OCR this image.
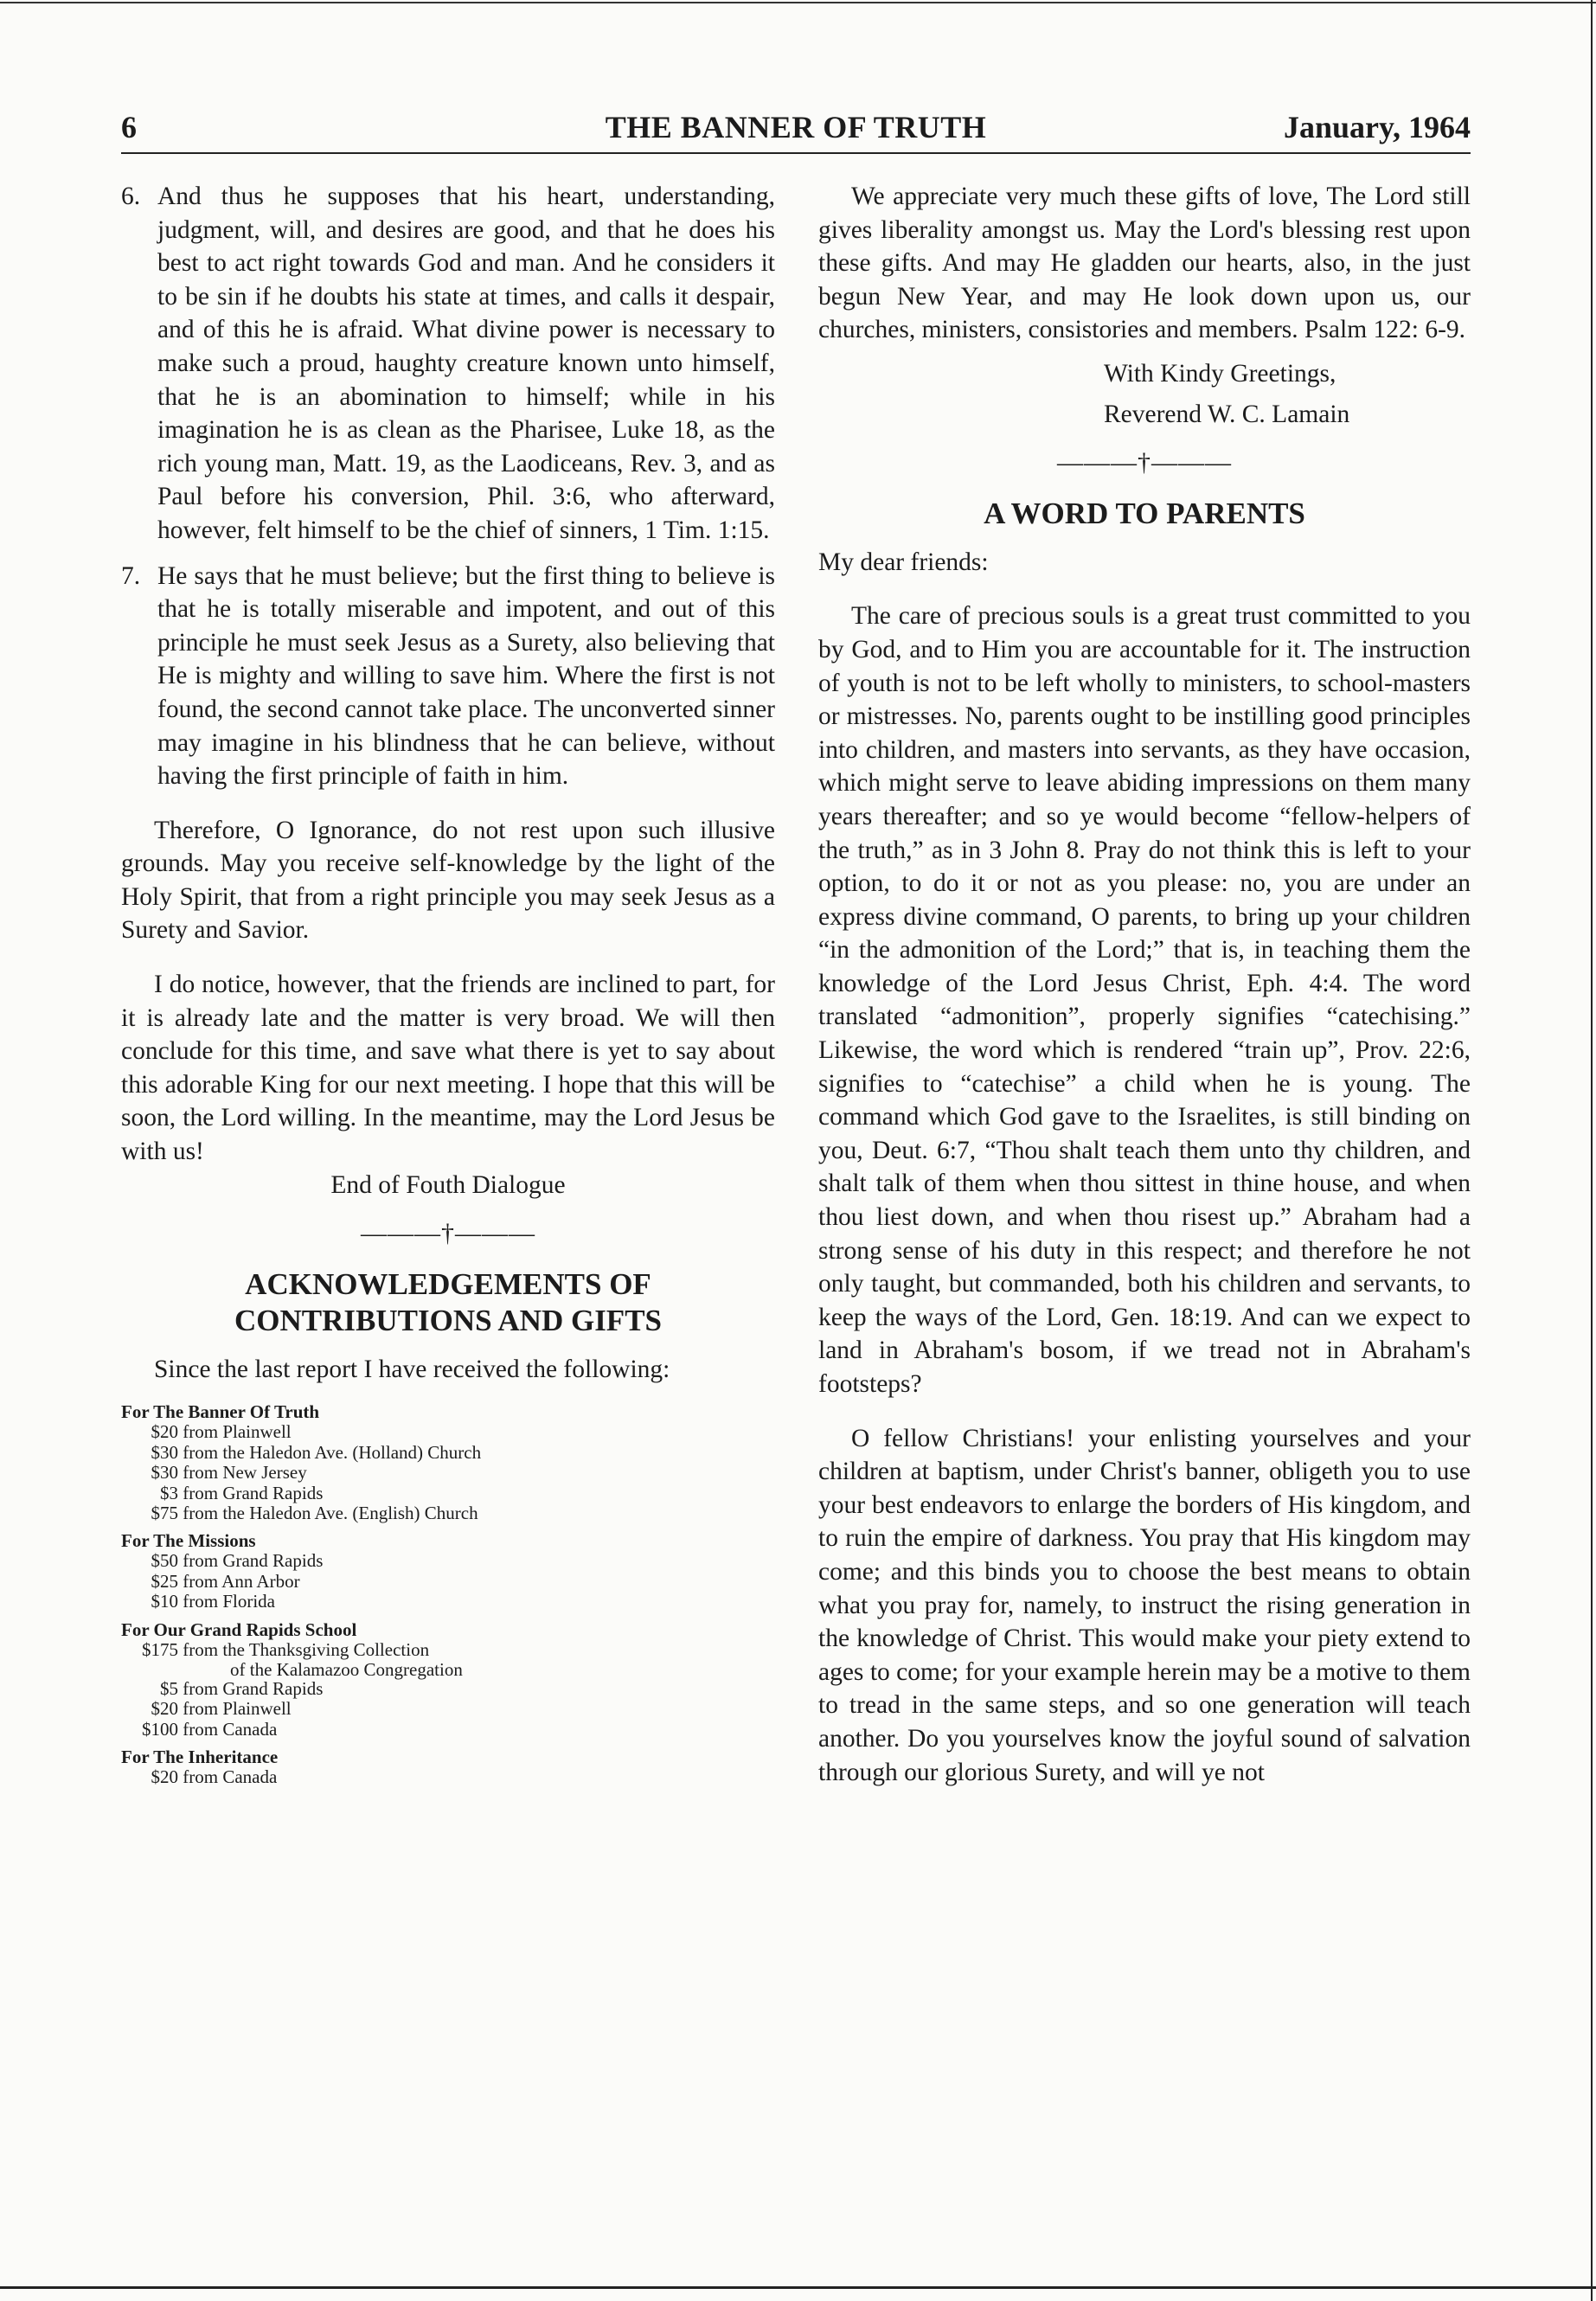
6	THE BANNER OF TRUTH	January, 1964
6. And thus he supposes that his heart, understanding, judgment, will, and desires are good, and that he does his best to act right towards God and man. And he considers it to be sin if he doubts his state at times, and calls it despair, and of this he is afraid. What divine power is necessary to make such a proud, haughty creature known unto himself, that he is an abomination to himself; while in his imagination he is as clean as the Pharisee, Luke 18, as the rich young man, Matt. 19, as the Laodiceans, Rev. 3, and as Paul before his conversion, Phil. 3:6, who afterward, however, felt himself to be the chief of sinners, 1 Tim. 1:15.
7. He says that he must believe; but the first thing to believe is that he is totally miserable and impotent, and out of this principle he must seek Jesus as a Surety, also believing that He is mighty and willing to save him. Where the first is not found, the second cannot take place. The unconverted sinner may imagine in his blindness that he can believe, without having the first principle of faith in him.

Therefore, O Ignorance, do not rest upon such illusive grounds. May you receive self-knowledge by the light of the Holy Spirit, that from a right principle you may seek Jesus as a Surety and Savior.

I do notice, however, that the friends are inclined to part, for it is already late and the matter is very broad. We will then conclude for this time, and save what there is yet to say about this adorable King for our next meeting. I hope that this will be soon, the Lord willing. In the meantime, may the Lord Jesus be with us!

End of Fouth Dialogue

———†———
ACKNOWLEDGEMENTS OF
CONTRIBUTIONS AND GIFTS

Since the last report I have received the following:

For The Banner Of Truth
$20 from Plainwell
$30 from the Haledon Ave. (Holland) Church
$30 from New Jersey
$3 from Grand Rapids
$75 from the Haledon Ave. (English) Church
For The Missions
$50 from Grand Rapids
$25 from Ann Arbor
$10 from Florida
For Our Grand Rapids School
$175 from the Thanksgiving Collection
of the Kalamazoo Congregation
$5 from Grand Rapids
$20 from Plainwell
$100 from Canada
For The Inheritance
$20 from Canada

We appreciate very much these gifts of love, The Lord still gives liberality amongst us. May the Lord's blessing rest upon these gifts. And may He gladden our hearts, also, in the just begun New Year, and may He look down upon us, our churches, ministers, consistories and members. Psalm 122: 6-9.

With Kindy Greetings,

Reverend W. C. Lamain

———†———
A WORD TO PARENTS

My dear friends:

The care of precious souls is a great trust committed to you by God, and to Him you are accountable for it. The instruction of youth is not to be left wholly to ministers, to school-masters or mistresses. No, parents ought to be instilling good principles into children, and masters into servants, as they have occasion, which might serve to leave abiding impressions on them many years thereafter; and so ye would become “fellow-helpers of the truth,” as in 3 John 8. Pray do not think this is left to your option, to do it or not as you please: no, you are under an express divine command, O parents, to bring up your children “in the admonition of the Lord;” that is, in teaching them the knowledge of the Lord Jesus Christ, Eph. 4:4. The word translated “admonition”, properly signifies “catechising.” Likewise, the word which is rendered “train up”, Prov. 22:6, signifies to “catechise” a child when he is young. The command which God gave to the Israelites, is still binding on you, Deut. 6:7, “Thou shalt teach them unto thy children, and shalt talk of them when thou sittest in thine house, and when thou liest down, and when thou risest up.” Abraham had a strong sense of his duty in this respect; and therefore he not only taught, but commanded, both his children and servants, to keep the ways of the Lord, Gen. 18:19. And can we expect to land in Abraham's bosom, if we tread not in Abraham's footsteps?

O fellow Christians! your enlisting yourselves and your children at baptism, under Christ's banner, obligeth you to use your best endeavors to enlarge the borders of His kingdom, and to ruin the empire of darkness. You pray that His kingdom may come; and this binds you to choose the best means to obtain what you pray for, namely, to instruct the rising generation in the knowledge of Christ. This would make your piety extend to ages to come; for your example herein may be a motive to them to tread in the same steps, and so one generation will teach another. Do you yourselves know the joyful sound of salvation through our glorious Surety, and will ye not
